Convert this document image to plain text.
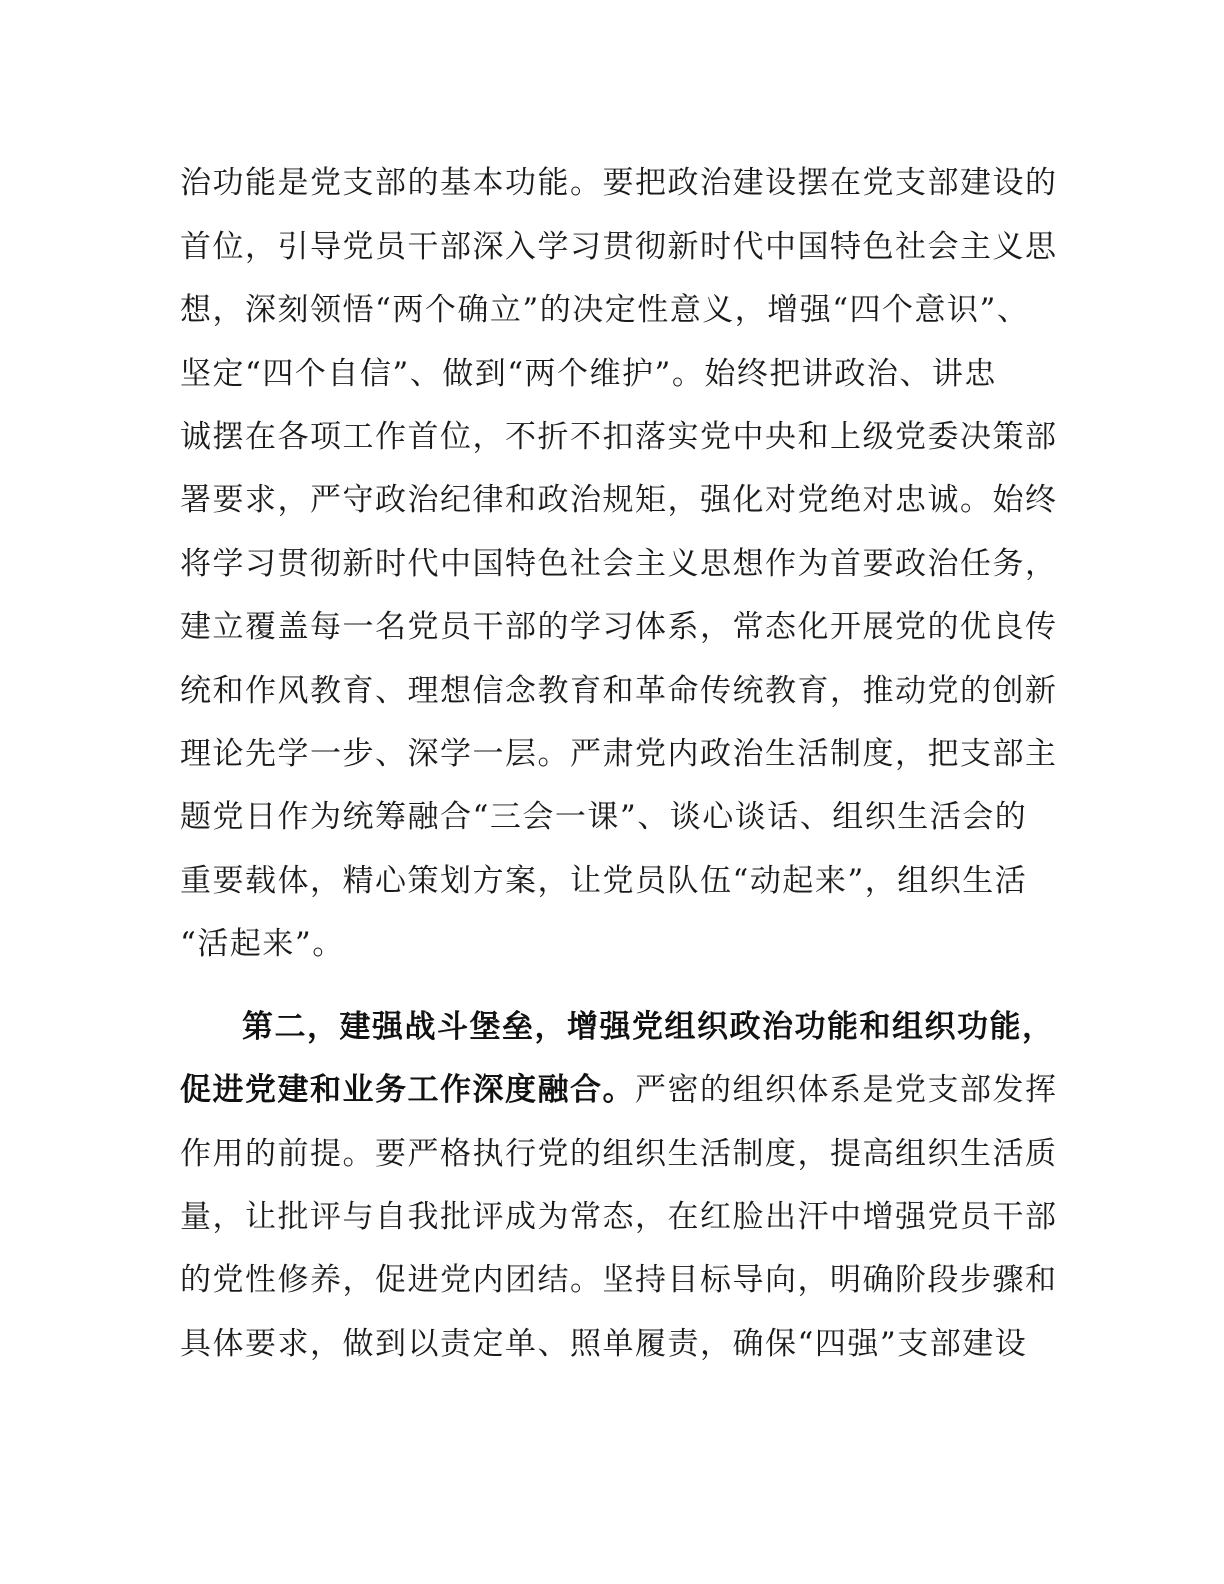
治功能是党支部的基本功能。要把政治建设摆在党支部建设的
首位，引导党员干部深入学习贯彻新时代中国特色社会主义思
想，深刻领悟“两个确立”的决定性意义，增强“四个意识”、
坚定“四个自信”、做到“两个维护”。始终把讲政治、讲忠
诚摆在各项工作首位，不折不扣落实党中央和上级党委决策部
署要求，严守政治纪律和政治规矩，强化对党绝对忠诚。始终
将学习贯彻新时代中国特色社会主义思想作为首要政治任务，
建立覆盖每一名党员干部的学习体系，常态化开展党的优良传
统和作风教育、理想信念教育和革命传统教育，推动党的创新
理论先学一步、深学一层。严肃党内政治生活制度，把支部主
题党日作为统筹融合“三会一课”、谈心谈话、组织生活会的
重要载体，精心策划方案，让党员队伍“动起来”，组织生活
“活起来”。
第二，建强战斗堡垒，增强党组织政治功能和组织功能，
促进党建和业务工作深度融合。严密的组织体系是党支部发挥
作用的前提。要严格执行党的组织生活制度，提高组织生活质
量，让批评与自我批评成为常态，在红脸出汗中增强党员干部
的党性修养，促进党内团结。坚持目标导向，明确阶段步骤和
具体要求，做到以责定单、照单履责，确保“四强”支部建设
